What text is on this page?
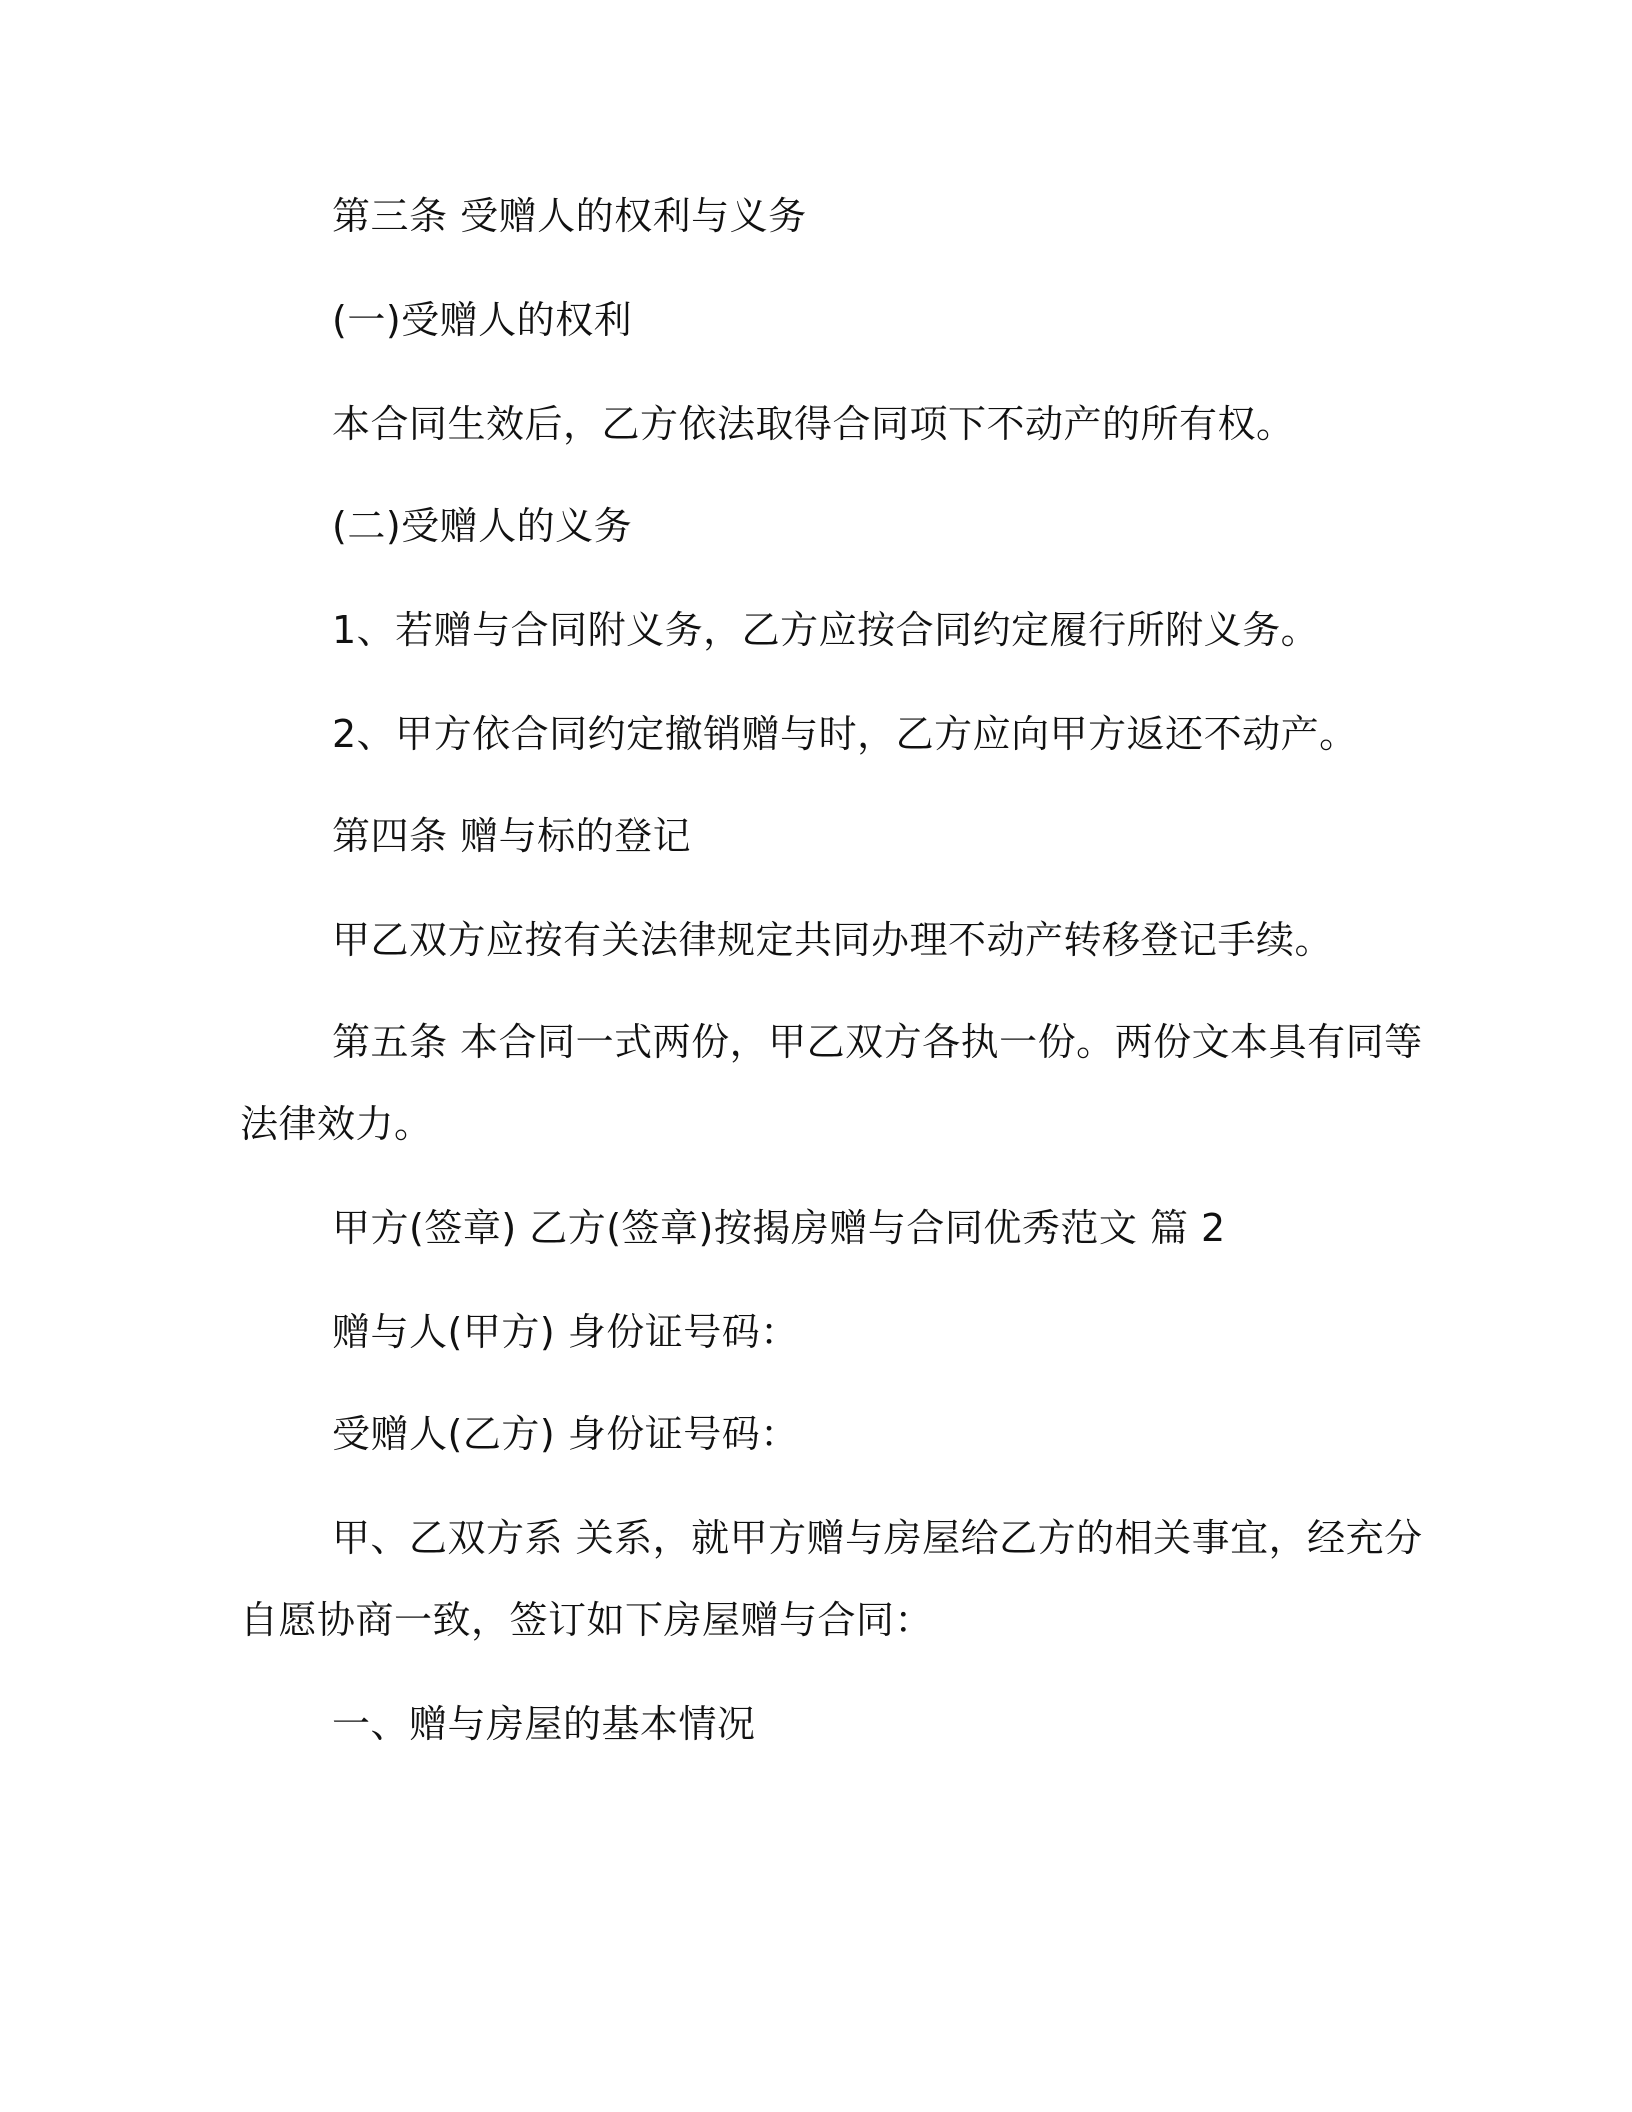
第三条 受赠人的权利与义务
(一)受赠人的权利
本合同生效后，乙方依法取得合同项下不动产的所有权。
(二)受赠人的义务
1、若赠与合同附义务，乙方应按合同约定履行所附义务。
2、甲方依合同约定撤销赠与时，乙方应向甲方返还不动产。
第四条 赠与标的登记
甲乙双方应按有关法律规定共同办理不动产转移登记手续。
第五条 本合同一式两份，甲乙双方各执一份。两份文本具有同等
法律效力。
甲方(签章) 乙方(签章)按揭房赠与合同优秀范文 篇 2
赠与人(甲方) 身份证号码：
受赠人(乙方) 身份证号码：
甲、乙双方系 关系，就甲方赠与房屋给乙方的相关事宜，经充分
自愿协商一致，签订如下房屋赠与合同：
一、赠与房屋的基本情况
